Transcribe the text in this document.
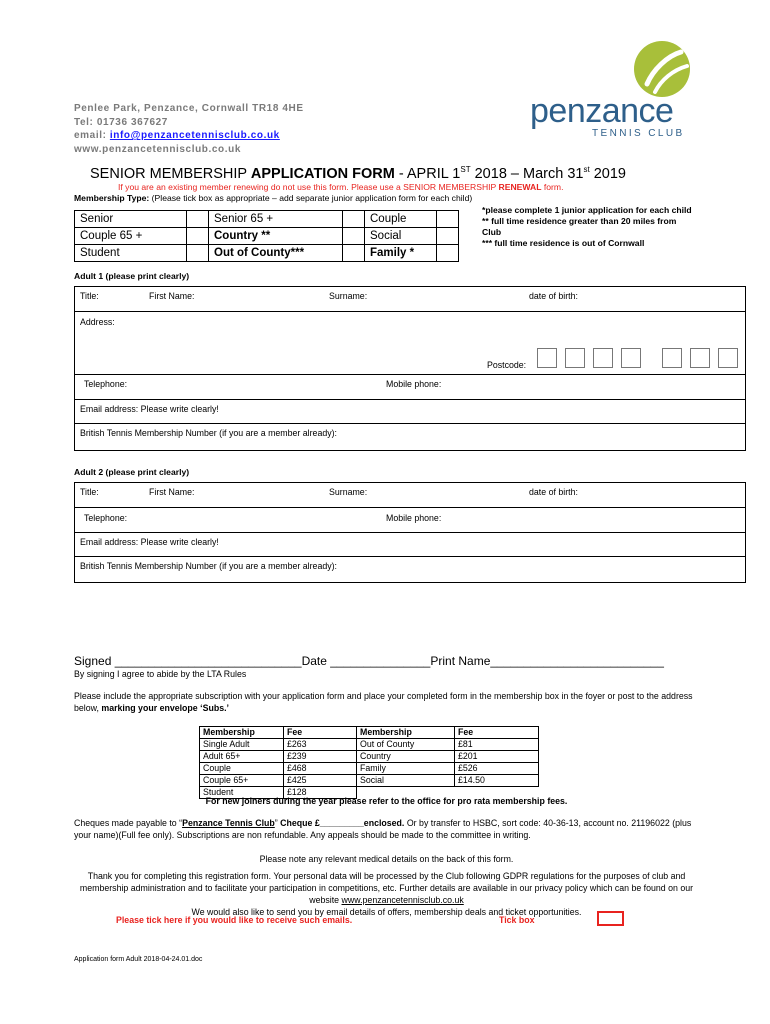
Penlee Park, Penzance, Cornwall TR18 4HE
Tel: 01736 367627
email: info@penzancetennisclub.co.uk
www.penzancetennisclub.co.uk
penzance
TENNIS CLUB
SENIOR MEMBERSHIP APPLICATION FORM - APRIL 1ST 2018 – March 31st 2019
If you are an existing member renewing do not use this form. Please use a SENIOR MEMBERSHIP RENEWAL form.
Membership Type: (Please tick box as appropriate – add separate junior application form for each child)
Senior		Senior 65 +		Couple	
Couple 65 +		Country **		Social	
Student		Out of County***		Family *	
*please complete 1 junior application for each child
** full time residence greater than 20 miles from Club
*** full time residence is out of Cornwall
Adult 1 (please print clearly)
Title:	First Name:	Surname:	date of birth:
Address:
Postcode:
Telephone:	Mobile phone:
Email address: Please write clearly!
British Tennis Membership Number (if you are a member already):
Adult 2 (please print clearly)
Title:	First Name:	Surname:	date of birth:
Telephone:	Mobile phone:
Email address: Please write clearly!
British Tennis Membership Number (if you are a member already):
Signed ____________________________Date _______________Print Name__________________________
By signing I agree to abide by the LTA Rules
Please include the appropriate subscription with your application form and place your completed form in the membership box in the foyer or post to the address below, marking your envelope ‘Subs.’
Membership	Fee	Membership	Fee
Single Adult	£263	Out of County	£81
Adult 65+	£239	Country	£201
Couple	£468	Family	£526
Couple 65+	£425	Social	£14.50
Student	£128		
For new joiners during the year please refer to the office for pro rata membership fees.
Cheques made payable to “Penzance Tennis Club” Cheque £_________enclosed. Or by transfer to HSBC, sort code: 40-36-13, account no. 21196022 (plus your name)(Full fee only). Subscriptions are non refundable. Any appeals should be made to the committee in writing.
Please note any relevant medical details on the back of this form.
Thank you for completing this registration form. Your personal data will be processed by the Club following GDPR regulations for the purposes of club and membership administration and to facilitate your participation in competitions, etc. Further details are available in our privacy policy which can be found on our website www.penzancetennisclub.co.uk
We would also like to send you by email details of offers, membership deals and ticket opportunities.
Please tick here if you would like to receive such emails.	Tick box
Application form Adult 2018-04-24.01.doc
